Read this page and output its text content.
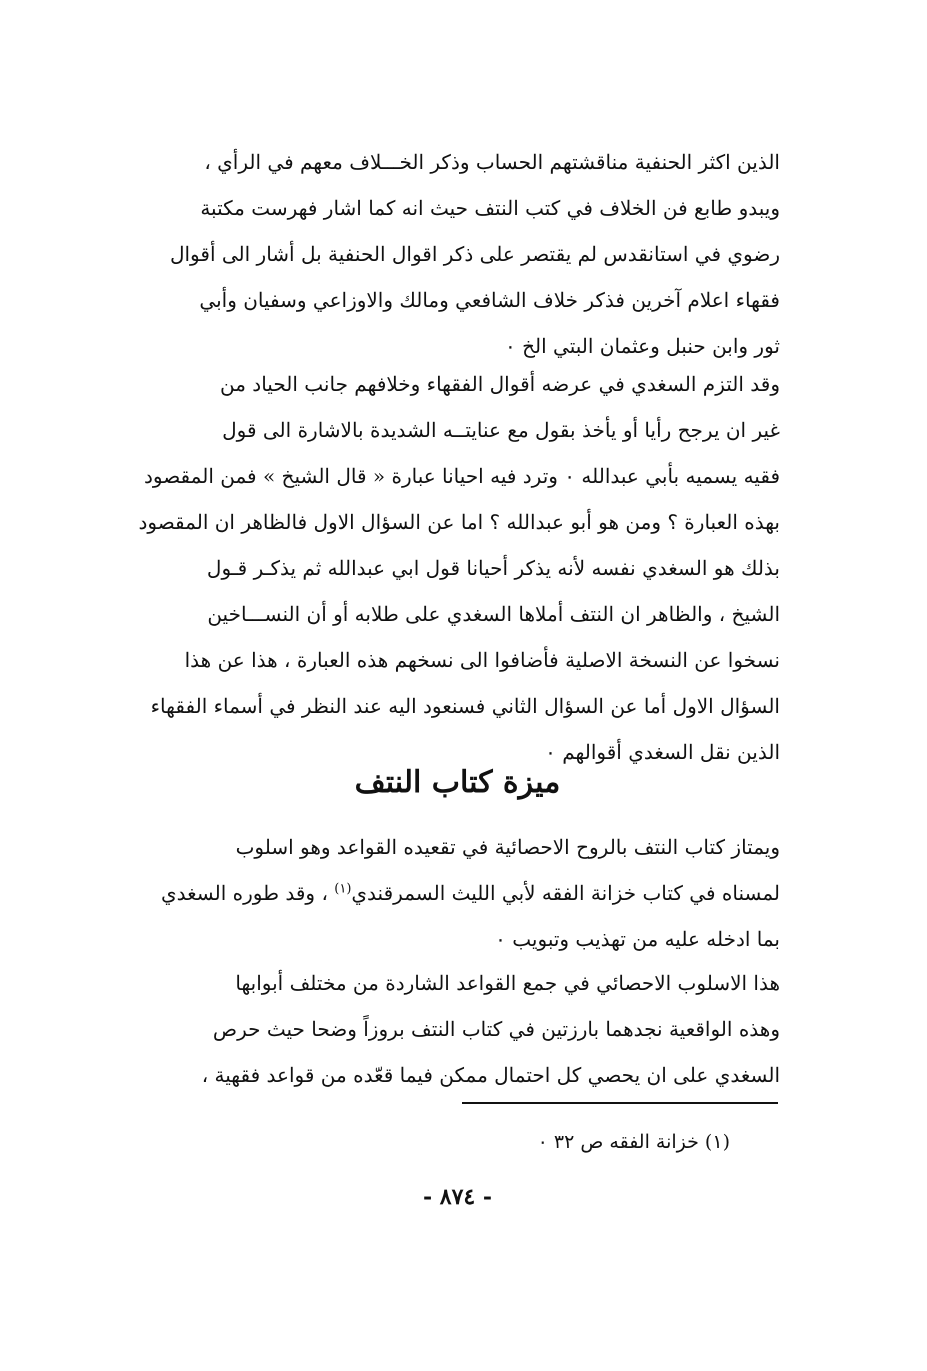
الذين اكثر الحنفية مناقشتهم الحساب وذكر الخـــلاف معهم في الرأي ،
ويبدو طابع فن الخلاف في كتب النتف حيث انه كما اشار فهرست مكتبة
رضوي في استانقدس لم يقتصر على ذكر اقوال الحنفية بل أشار الى أقوال
فقهاء اعلام آخرين فذكر خلاف الشافعي ومالك والاوزاعي وسفيان وأبي
ثور وابن حنبل وعثمان البتي الخ ٠
وقد التزم السغدي في عرضه أقوال الفقهاء وخلافهم جانب الحياد من
غير ان يرجح رأيا أو يأخذ بقول مع عنايتــه الشديدة بالاشارة الى قول
فقيه يسميه بأبي عبدالله ٠ وترد فيه احيانا عبارة « قال الشيخ » فمن المقصود
بهذه العبارة ؟ ومن هو أبو عبدالله ؟ اما عن السؤال الاول فالظاهر ان المقصود
بذلك هو السغدي نفسه لأنه يذكر أحيانا قول ابي عبدالله ثم يذكـر قـول
الشيخ ، والظاهر ان النتف أملاها السغدي على طلابه أو أن النســـاخين
نسخوا عن النسخة الاصلية فأضافوا الى نسخهم هذه العبارة ، هذا عن هذا
السؤال الاول أما عن السؤال الثاني فسنعود اليه عند النظر في أسماء الفقهاء
الذين نقل السغدي أقوالهم ٠
ميزة كتاب النتف
ويمتاز كتاب النتف بالروح الاحصائية في تقعيده القواعد وهو اسلوب
لمسناه في كتاب خزانة الفقه لأبي الليث السمرقندي$^{(١)}$ ، وقد طوره السغدي
بما ادخله عليه من تهذيب وتبويب ٠
هذا الاسلوب الاحصائي في جمع القواعد الشاردة من مختلف أبوابها
وهذه الواقعية نجدهما بارزتين في كتاب النتف بروزاً وضحا حيث حرص
السغدي على ان يحصي كل احتمال ممكن فيما قعّده من قواعد فقهية ،
(١) خزانة الفقه ص ٣٢ ٠
- ٨٧٤ -
